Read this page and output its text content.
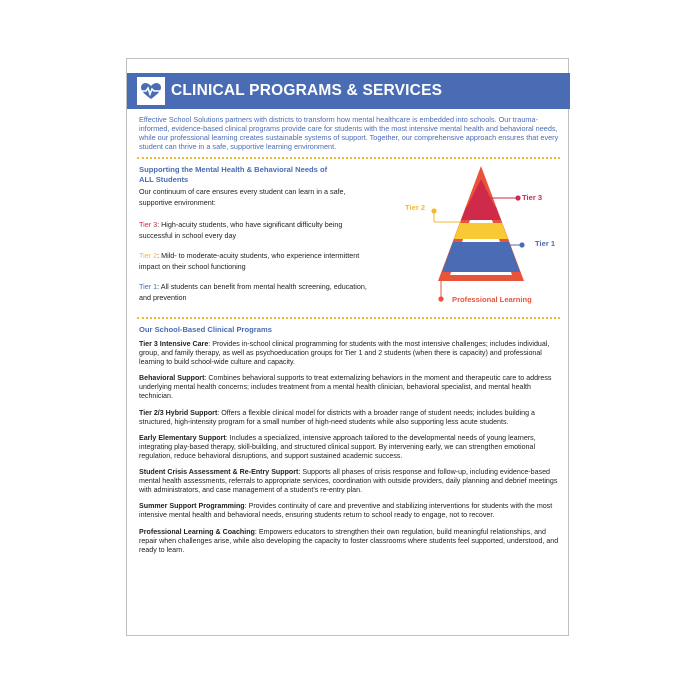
CLINICAL PROGRAMS & SERVICES
Effective School Solutions partners with districts to transform how mental healthcare is embedded into schools. Our trauma-informed, evidence-based clinical programs provide care for students with the most intensive mental health and behavioral needs, while our professional learning creates sustainable systems of support. Together, our comprehensive approach ensures that every student can thrive in a safe, supportive learning environment.
Supporting the Mental Health & Behavioral Needs of
ALL Students
Our continuum of care ensures every student can learn in a safe, supportive environment:
Tier 3: High-acuity students, who have significant difficulty being successful in school every day
Tier 2: Mild- to moderate-acuity students, who experience intermittent impact on their school functioning
Tier 1: All students can benefit from mental health screening, education, and prevention
Tier 3
Tier 2
Tier 1
Professional Learning
Our School-Based Clinical Programs

Tier 3 Intensive Care: Provides in-school clinical programming for students with the most intensive challenges; includes individual, group, and family therapy, as well as psychoeducation groups for Tier 1 and 2 students (when there is capacity) and professional learning to build school-wide culture and capacity.

Behavioral Support: Combines behavioral supports to treat externalizing behaviors in the moment and therapeutic care to address underlying mental health concerns; includes treatment from a mental health clinician, behavioral specialist, and mental health technician.

Tier 2/3 Hybrid Support: Offers a flexible clinical model for districts with a broader range of student needs; includes building a structured, high-intensity program for a small number of high-need students while also supporting less acute students.

Early Elementary Support: Includes a specialized, intensive approach tailored to the developmental needs of young learners, integrating play-based therapy, skill-building, and structured clinical support. By intervening early, we can strengthen emotional regulation, reduce behavioral disruptions, and support sustained academic success.

Student Crisis Assessment & Re-Entry Support: Supports all phases of crisis response and follow-up, including evidence-based mental health assessments, referrals to appropriate services, coordination with outside providers, daily planning and debrief meetings with administrators, and case management of a student’s re-entry plan.

Summer Support Programming: Provides continuity of care and preventive and stabilizing interventions for students with the most intensive mental health and behavioral needs, ensuring students return to school ready to engage, not to recover.

Professional Learning & Coaching: Empowers educators to strengthen their own regulation, build meaningful relationships, and repair when challenges arise, while also developing the capacity to foster classrooms where students feel supported, understood, and ready to learn.
